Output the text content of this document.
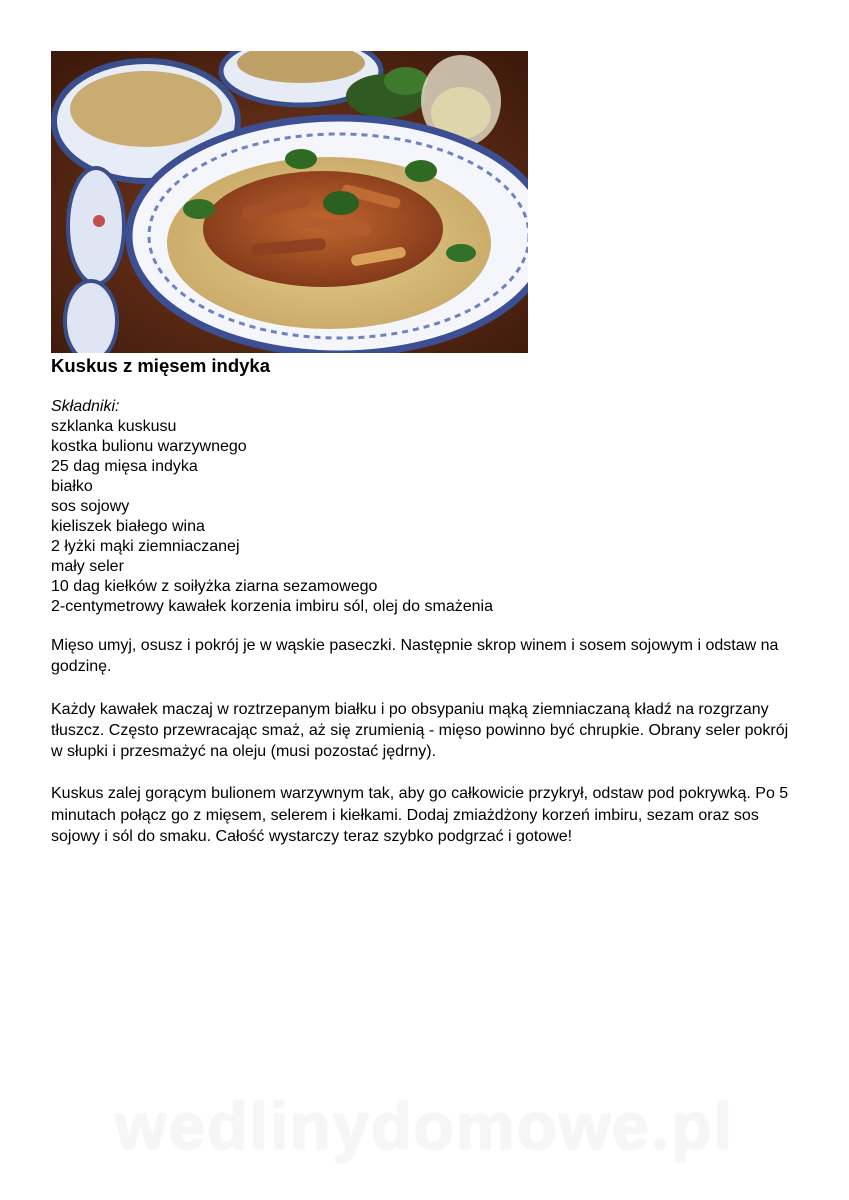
Kuskus z mięsem indyka

Składniki:

szklanka kuskusu
kostka bulionu warzywnego
25 dag mięsa indyka
białko
sos sojowy
kieliszek białego wina
2 łyżki mąki ziemniaczanej
mały seler
10 dag kiełków z soiłyżka ziarna sezamowego
2-centymetrowy kawałek korzenia imbiru sól, olej do smażenia

Mięso umyj, osusz i pokrój je w wąskie paseczki. Następnie skrop winem i sosem sojowym i odstaw na godzinę.

Każdy kawałek maczaj w roztrzepanym białku i po obsypaniu mąką ziemniaczaną kładź na rozgrzany tłuszcz. Często przewracając smaż, aż się zrumienią - mięso powinno być chrupkie. Obrany seler pokrój w słupki i przesmażyć na oleju (musi pozostać jędrny).

Kuskus zalej gorącym bulionem warzywnym tak, aby go całkowicie przykrył, odstaw pod pokrywką. Po 5 minutach połącz go z mięsem, selerem i kiełkami. Dodaj zmiażdżony korzeń imbiru, sezam oraz sos sojowy i sól do smaku. Całość wystarczy teraz szybko podgrzać i gotowe!

wedlinydomowe.pl
